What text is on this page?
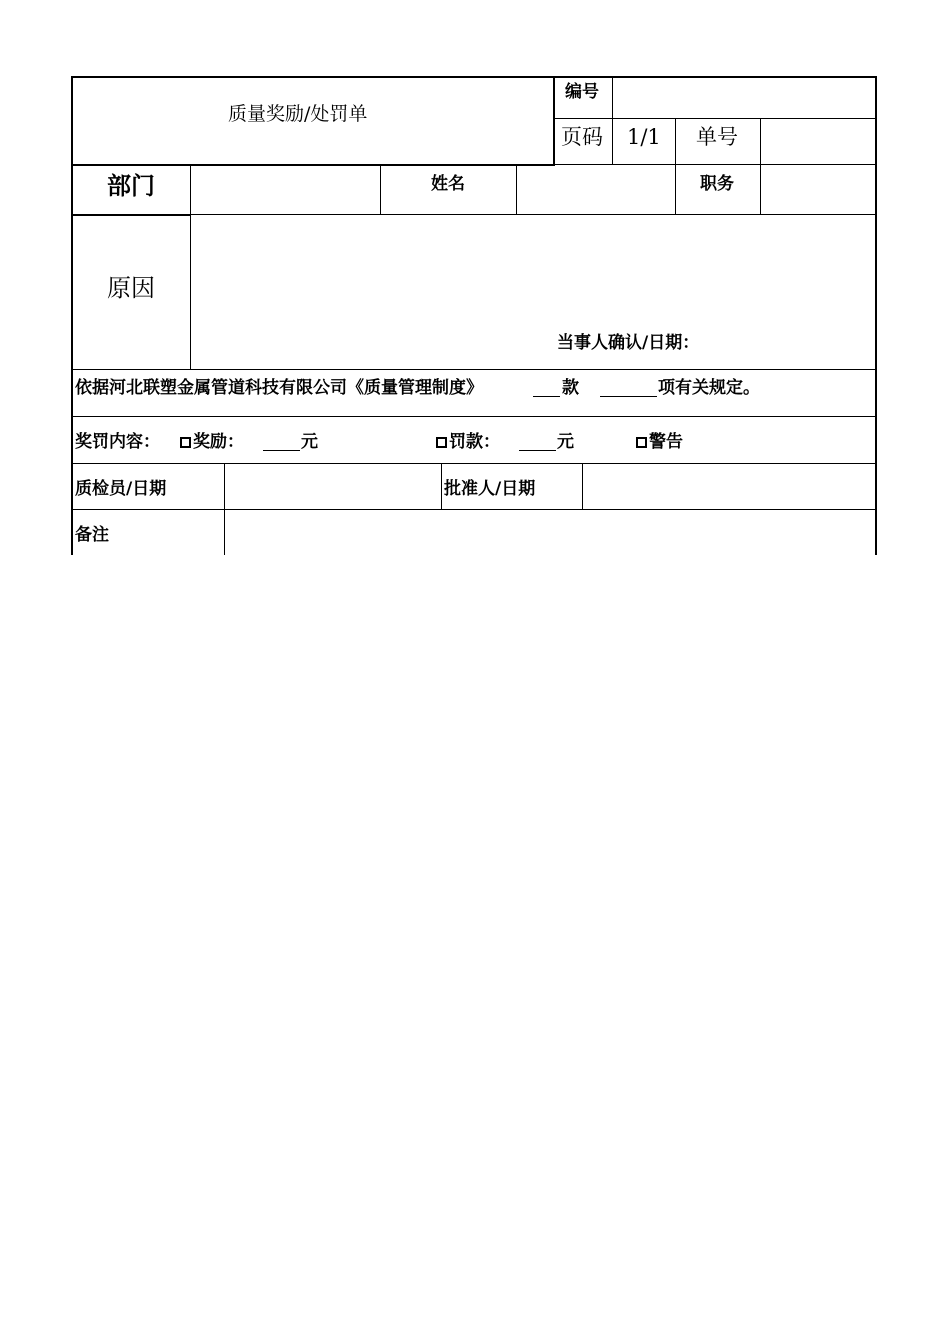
质量奖励/处罚单
编号
页码 1/1 单号
部门	姓名	职务
原因
当事人确认/日期：
依据河北联塑金属管道科技有限公司《质量管理制度》	款	项有关规定。
奖罚内容：	奖励：	元	罚款：	元	警告
质检员/日期	批准人/日期
备注
